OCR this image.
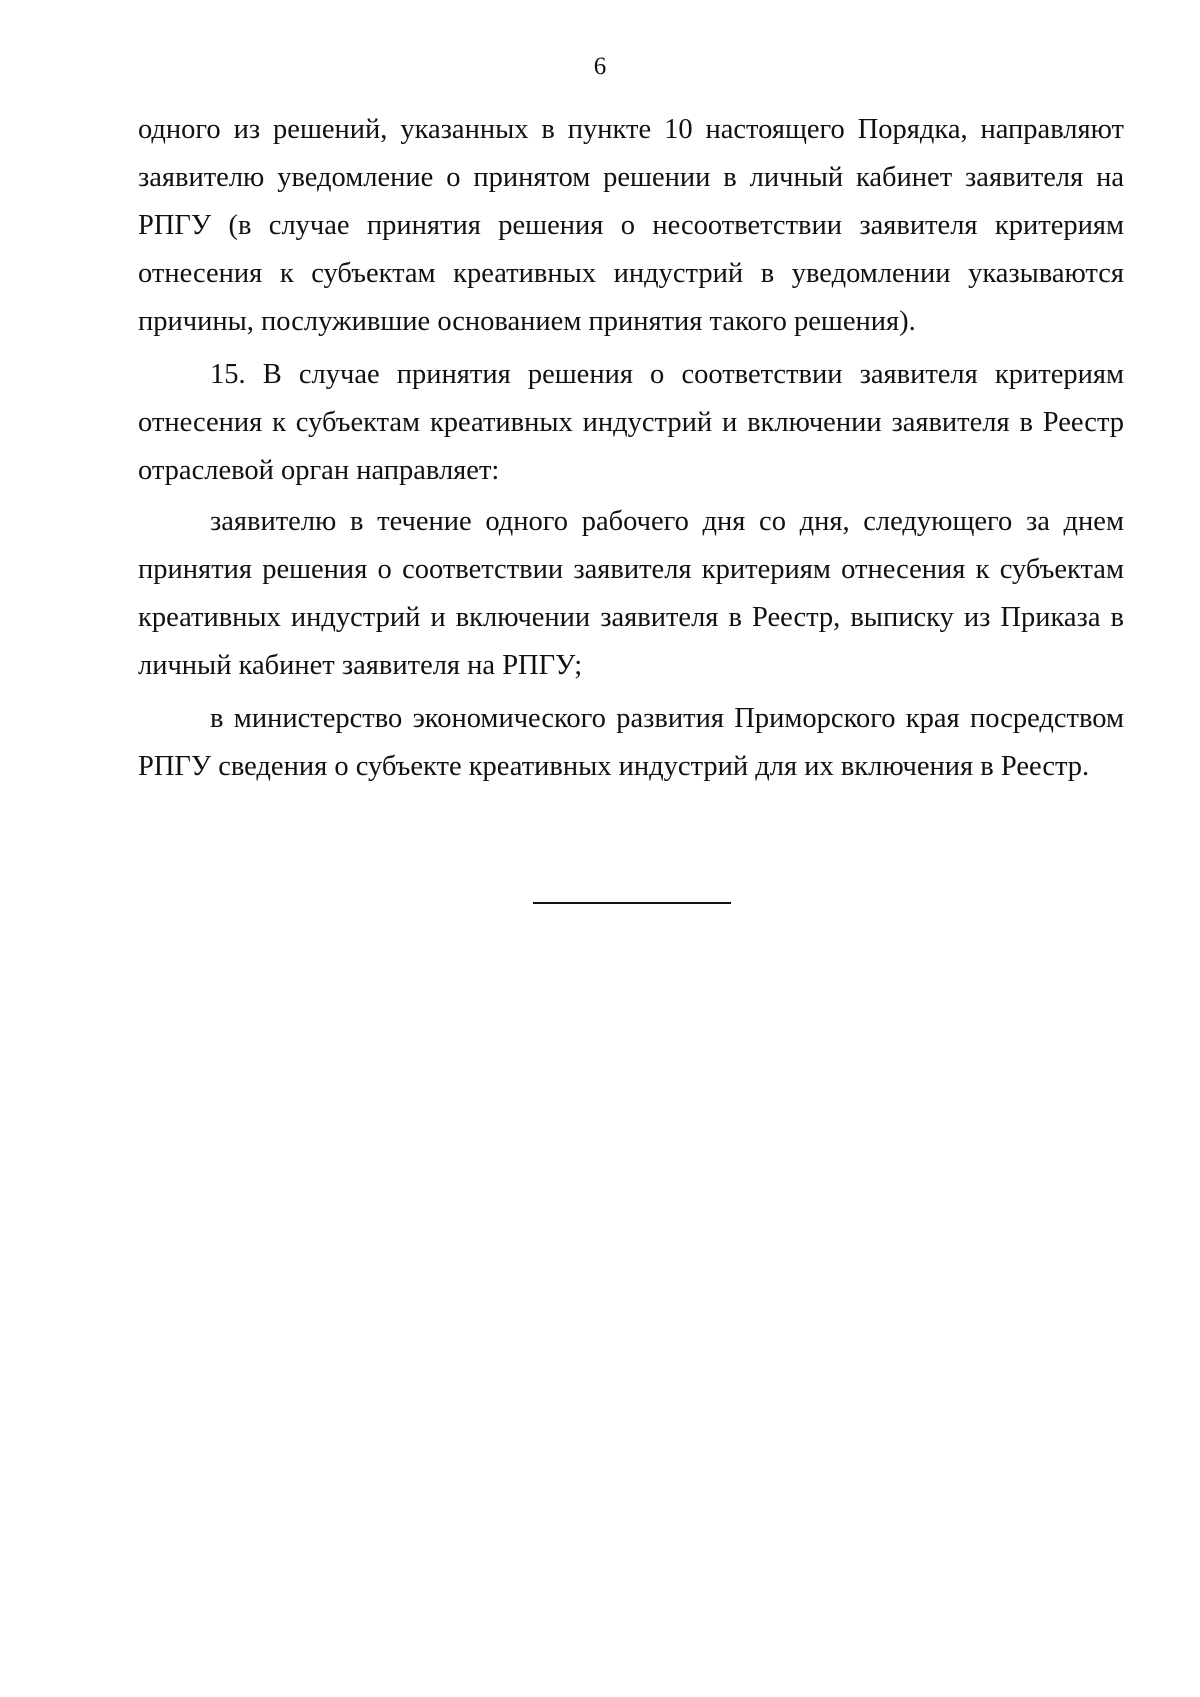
6
одного из решений, указанных в пункте 10 настоящего Порядка, направляют
заявителю уведомление о принятом решении в личный кабинет заявителя на
РПГУ (в случае принятия решения о несоответствии заявителя критериям
отнесения к субъектам креативных индустрий в уведомлении указываются
причины, послужившие основанием принятия такого решения).
15. В случае принятия решения о соответствии заявителя критериям
отнесения к субъектам креативных индустрий и включении заявителя в Реестр
отраслевой орган направляет:
заявителю в течение одного рабочего дня со дня, следующего за днем
принятия решения о соответствии заявителя критериям отнесения к субъектам
креативных индустрий и включении заявителя в Реестр, выписку из Приказа в
личный кабинет заявителя на РПГУ;
в министерство экономического развития Приморского края посредством
РПГУ сведения о субъекте креативных индустрий для их включения в Реестр.
